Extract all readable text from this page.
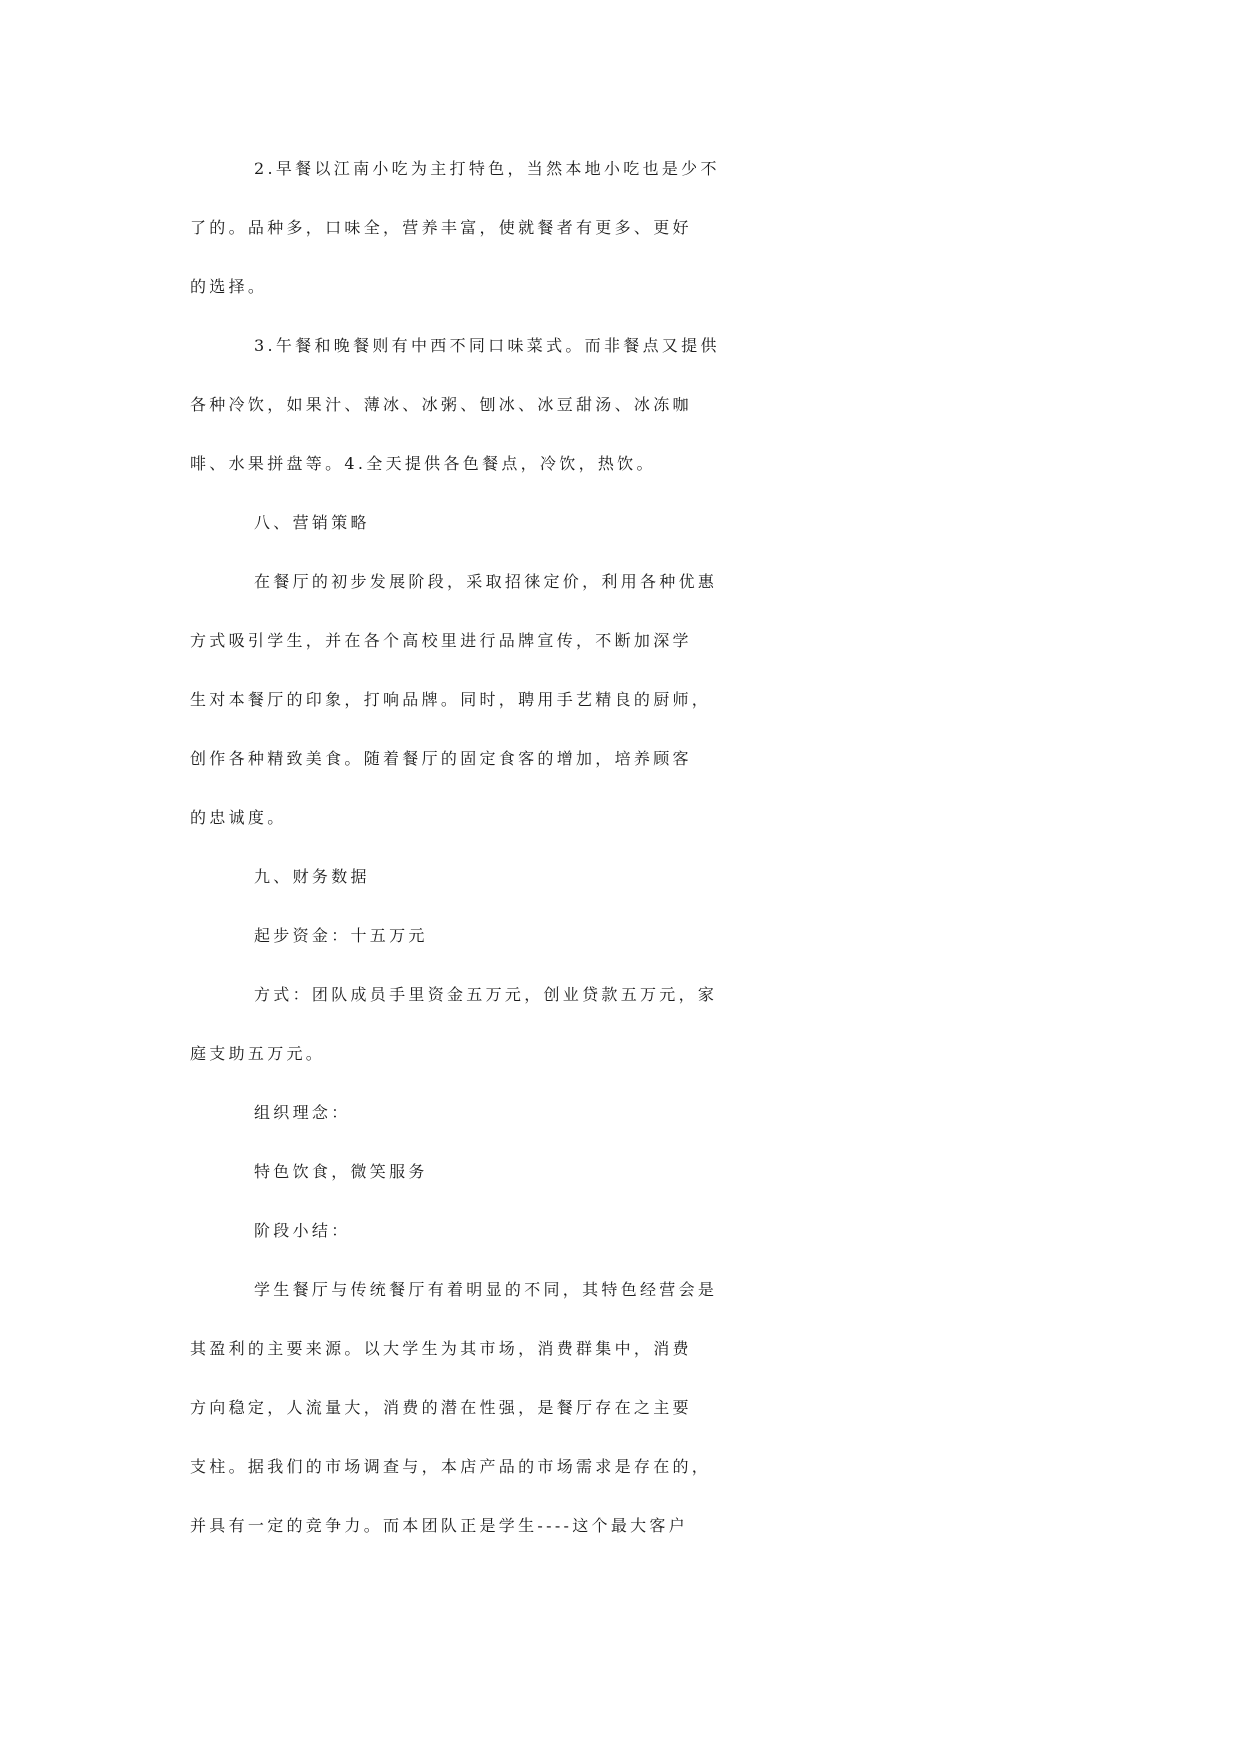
2.早餐以江南小吃为主打特色，当然本地小吃也是少不
了的。品种多，口味全，营养丰富，使就餐者有更多、更好
的选择。
3.午餐和晚餐则有中西不同口味菜式。而非餐点又提供
各种冷饮，如果汁、薄冰、冰粥、刨冰、冰豆甜汤、冰冻咖
啡、水果拼盘等。4.全天提供各色餐点，冷饮，热饮。
八、营销策略
在餐厅的初步发展阶段，采取招徕定价，利用各种优惠
方式吸引学生，并在各个高校里进行品牌宣传，不断加深学
生对本餐厅的印象，打响品牌。同时，聘用手艺精良的厨师，
创作各种精致美食。随着餐厅的固定食客的增加，培养顾客
的忠诚度。
九、财务数据
起步资金：十五万元
方式：团队成员手里资金五万元，创业贷款五万元，家
庭支助五万元。
组织理念：
特色饮食，微笑服务
阶段小结：
学生餐厅与传统餐厅有着明显的不同，其特色经营会是
其盈利的主要来源。以大学生为其市场，消费群集中，消费
方向稳定，人流量大，消费的潜在性强，是餐厅存在之主要
支柱。据我们的市场调查与，本店产品的市场需求是存在的，
并具有一定的竞争力。而本团队正是学生----这个最大客户
